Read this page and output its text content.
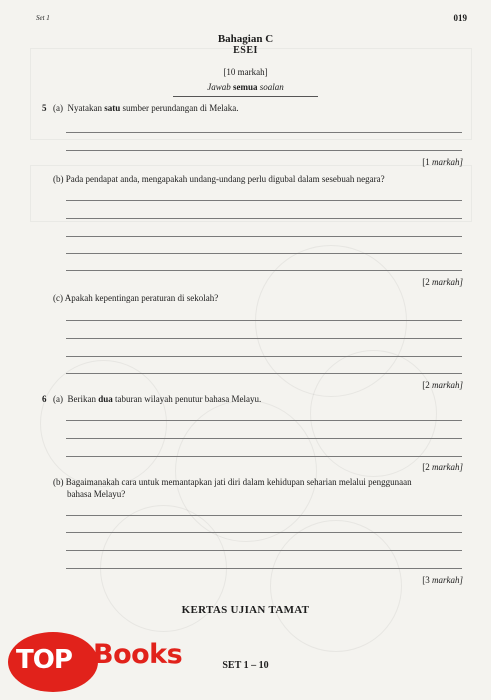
Set 1	019
Bahagian C
ESEI
[10 markah]
Jawab semua soalan
5 (a) Nyatakan satu sumber perundangan di Melaka.
[1 markah]
(b) Pada pendapat anda, mengapakah undang-undang perlu digubal dalam sesebuah negara?
[2 markah]
(c) Apakah kepentingan peraturan di sekolah?
[2 markah]
6 (a) Berikan dua taburan wilayah penutur bahasa Melayu.
[2 markah]
(b) Bagaimanakah cara untuk memantapkan jati diri dalam kehidupan seharian melalui penggunaan
bahasa Melayu?
[3 markah]
KERTAS UJIAN TAMAT
SET 1 – 10
TOP Books
